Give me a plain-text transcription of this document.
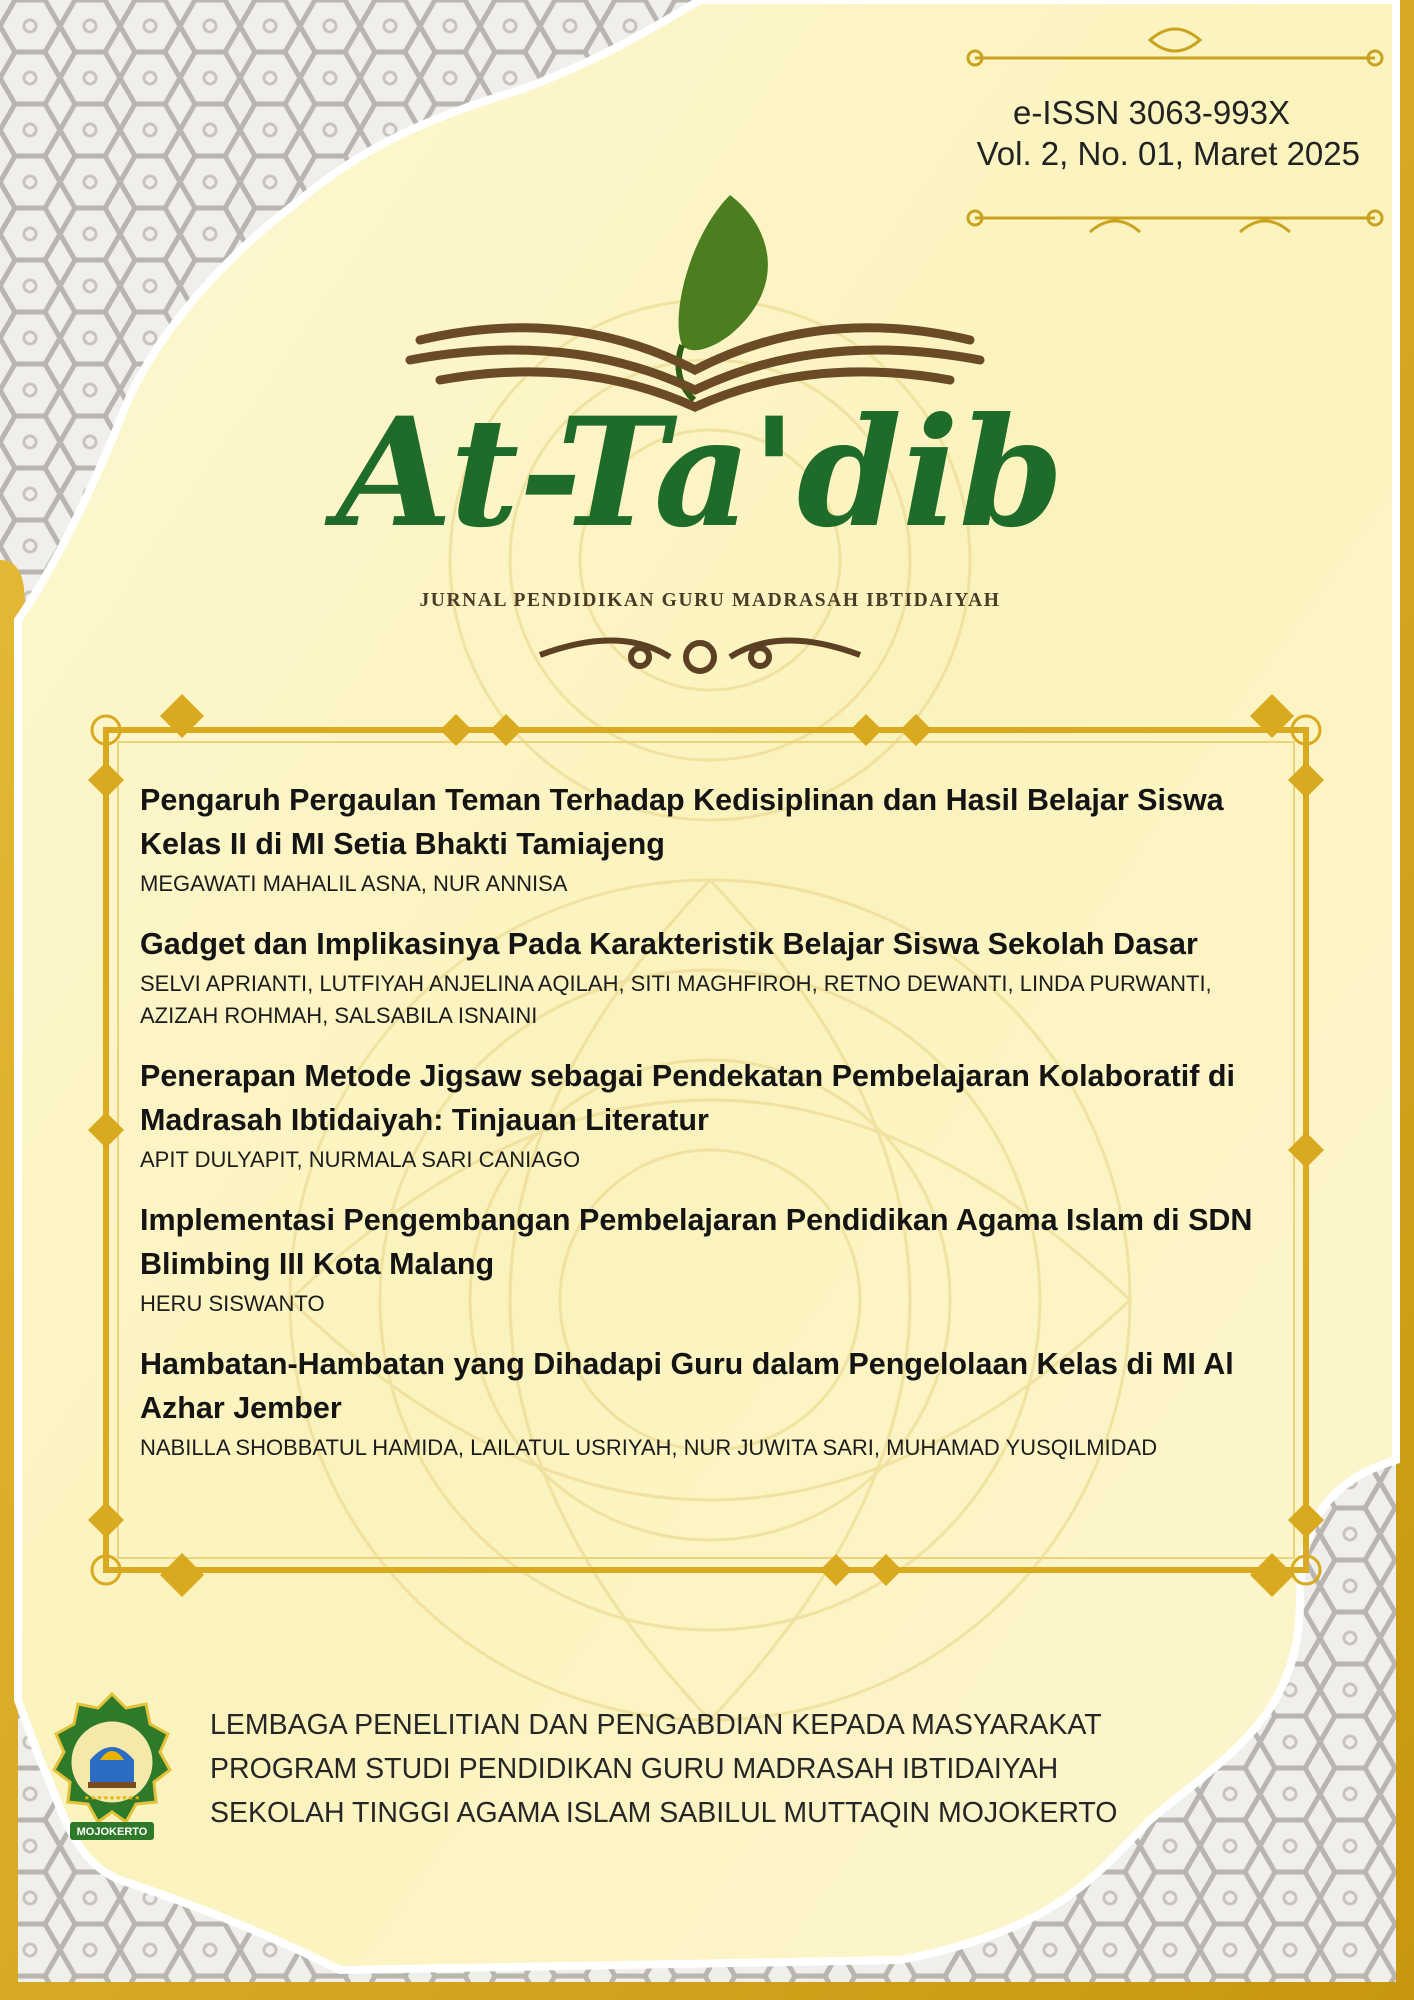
e-ISSN 3063-993X
Vol. 2, No. 01, Maret 2025
At-Ta'dib
JURNAL PENDIDIKAN GURU MADRASAH IBTIDAIYAH
Pengaruh Pergaulan Teman Terhadap Kedisiplinan dan Hasil Belajar Siswa Kelas II di MI Setia Bhakti Tamiajeng
MEGAWATI MAHALIL ASNA, NUR ANNISA
Gadget dan Implikasinya Pada Karakteristik Belajar Siswa Sekolah Dasar
SELVI APRIANTI, LUTFIYAH ANJELINA AQILAH, SITI MAGHFIROH, RETNO DEWANTI, LINDA PURWANTI, AZIZAH ROHMAH, SALSABILA ISNAINI
Penerapan Metode Jigsaw sebagai Pendekatan Pembelajaran Kolaboratif di Madrasah Ibtidaiyah: Tinjauan Literatur
APIT DULYAPIT, NURMALA SARI CANIAGO
Implementasi Pengembangan Pembelajaran Pendidikan Agama Islam di SDN Blimbing III Kota Malang
HERU SISWANTO
Hambatan-Hambatan yang Dihadapi Guru dalam Pengelolaan Kelas di MI Al Azhar Jember
NABILLA SHOBBATUL HAMIDA, LAILATUL USRIYAH, NUR JUWITA SARI, MUHAMAD YUSQILMIDAD
★★★★★★★★★
MOJOKERTO
LEMBAGA PENELITIAN DAN PENGABDIAN KEPADA MASYARAKAT
PROGRAM STUDI PENDIDIKAN GURU MADRASAH IBTIDAIYAH
SEKOLAH TINGGI AGAMA ISLAM SABILUL MUTTAQIN MOJOKERTO
